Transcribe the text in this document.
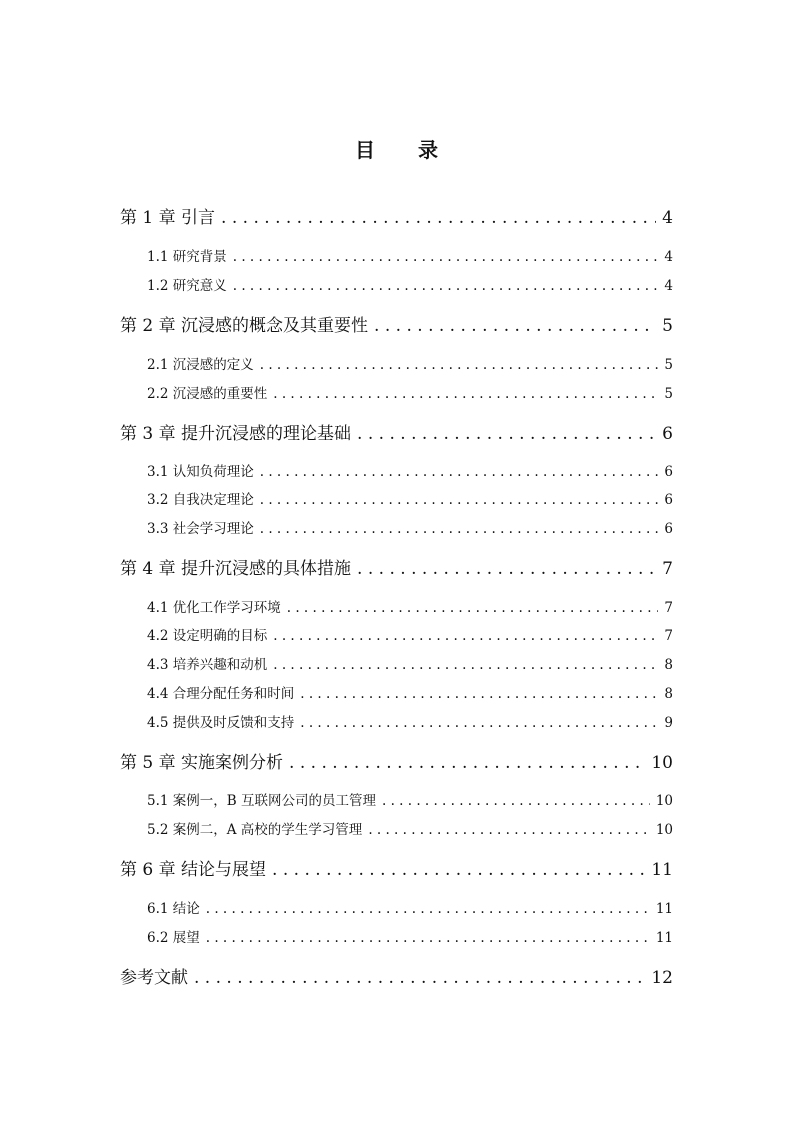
目 录
第 1 章 引言 . . .	4
1.1 研究背景 . . .	4
1.2 研究意义 . . .	4
第 2 章 沉浸感的概念及其重要性 . . .	5
2.1 沉浸感的定义 . . .	5
2.2 沉浸感的重要性 . . .	5
第 3 章 提升沉浸感的理论基础 . . .	6
3.1 认知负荷理论 . . .	6
3.2 自我决定理论 . . .	6
3.3 社会学习理论 . . .	6
第 4 章 提升沉浸感的具体措施 . . .	7
4.1 优化工作学习环境 . . .	7
4.2 设定明确的目标 . . .	7
4.3 培养兴趣和动机 . . .	8
4.4 合理分配任务和时间 . . .	8
4.5 提供及时反馈和支持 . . .	9
第 5 章 实施案例分析 . . .	10
5.1 案例一，B 互联网公司的员工管理 . . .	10
5.2 案例二，A 高校的学生学习管理 . . .	10
第 6 章 结论与展望 . . .	11
6.1 结论 . . .	11
6.2 展望 . . .	11
参考文献 . . .	12
